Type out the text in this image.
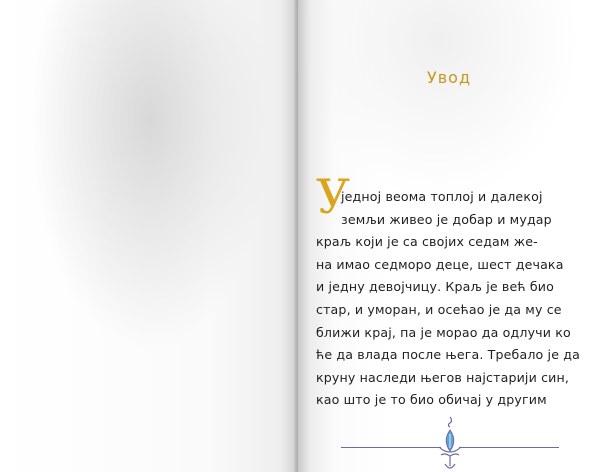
Увод
У
једној веома топлој и далекој
земљи живео је добар и мудар
краљ који је са својих седам же-
на имао седморо деце, шест дечака
и једну девојчицу. Краљ је већ био
стар, и уморан, и осећао је да му се
ближи крај, па је морао да одлучи ко
ће да влада после њега. Требало је да
круну наследи његов најстарији син,
као што је то био обичај у другим
